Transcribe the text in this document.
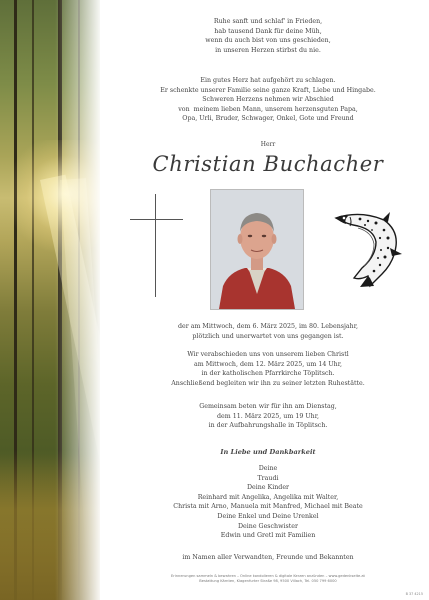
Ruhe sanft und schlaf' in Frieden,
hab tausend Dank für deine Müh,
wenn du auch bist von uns geschieden,
in unseren Herzen stirbst du nie.
Ein gutes Herz hat aufgehört zu schlagen.
Er schenkte unserer Familie seine ganze Kraft, Liebe und Hingabe.
Schweren Herzens nehmen wir Abschied
von  meinem lieben Mann, unserem herzensguten Papa,
Opa, Urli, Bruder, Schwager, Onkel, Gote und Freund
Herr
Christian Buchacher
der am Mittwoch, dem 6. März 2025, im 80. Lebensjahr,
plötzlich und unerwartet von uns gegangen ist.
Wir verabschieden uns von unserem lieben Christl
am Mittwoch, dem 12. März 2025, um 14 Uhr,
in der katholischen Pfarrkirche Töplitsch.
Anschließend begleiten wir ihn zu seiner letzten Ruhestätte.
Gemeinsam beten wir für ihn am Dienstag,
dem 11. März 2025, um 19 Uhr,
in der Aufbahrungshalle in Töplitsch.
In Liebe und Dankbarkeit
Deine
Traudi
Deine Kinder
Reinhard mit Angelika, Angelika mit Walter,
Christa mit Arno, Manuela mit Manfred, Michael mit Beate
Deine Enkel und Deine Urenkel
Deine Geschwister
Edwin und Gretl mit Familien
im Namen aller Verwandten, Freunde und Bekannten
Erinnerungen sammeln & bewahren – Online kondolieren & digitale Kerzen anzünden – www.gedenkseite.at
Bestattung Kärnten, Klagenfurter Straße 98, 9500 Villach, Tel. 050 799 6000
B 37 4215
